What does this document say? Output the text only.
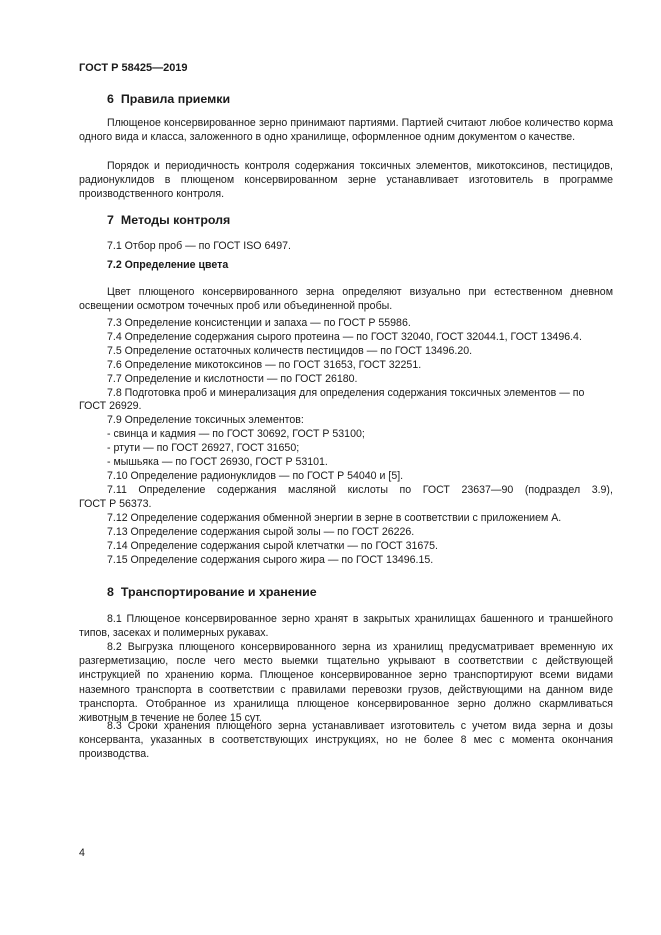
ГОСТ Р 58425—2019
6 Правила приемки
Плющеное консервированное зерно принимают партиями. Партией считают любое количество корма одного вида и класса, заложенного в одно хранилище, оформленное одним документом о качестве.
Порядок и периодичность контроля содержания токсичных элементов, микотоксинов, пестицидов, радионуклидов в плющеном консервированном зерне устанавливает изготовитель в программе производственного контроля.
7 Методы контроля
7.1 Отбор проб — по ГОСТ ISO 6497.
7.2 Определение цвета
Цвет плющеного консервированного зерна определяют визуально при естественном дневном освещении осмотром точечных проб или объединенной пробы.
7.3 Определение консистенции и запаха — по ГОСТ Р 55986.
7.4 Определение содержания сырого протеина — по ГОСТ 32040, ГОСТ 32044.1, ГОСТ 13496.4.
7.5 Определение остаточных количеств пестицидов — по ГОСТ 13496.20.
7.6 Определение микотоксинов — по ГОСТ 31653, ГОСТ 32251.
7.7 Определение и кислотности — по ГОСТ 26180.
7.8 Подготовка проб и минерализация для определения содержания токсичных элементов — по
ГОСТ 26929.
7.9 Определение токсичных элементов:
- свинца и кадмия — по ГОСТ 30692, ГОСТ Р 53100;
- ртути — по ГОСТ 26927, ГОСТ 31650;
- мышьяка — по ГОСТ 26930, ГОСТ Р 53101.
7.10 Определение радионуклидов — по ГОСТ Р 54040 и [5].
7.11 Определение содержания масляной кислоты по ГОСТ 23637—90 (подраздел 3.9),
ГОСТ Р 56373.
7.12 Определение содержания обменной энергии в зерне в соответствии с приложением А.
7.13 Определение содержания сырой золы — по ГОСТ 26226.
7.14 Определение содержания сырой клетчатки — по ГОСТ 31675.
7.15 Определение содержания сырого жира — по ГОСТ 13496.15.
8 Транспортирование и хранение
8.1 Плющеное консервированное зерно хранят в закрытых хранилищах башенного и траншейного типов, засеках и полимерных рукавах.
8.2 Выгрузка плющеного консервированного зерна из хранилищ предусматривает временную их разгерметизацию, после чего место выемки тщательно укрывают в соответствии с действующей инструкцией по хранению корма. Плющеное консервированное зерно транспортируют всеми видами наземного транспорта в соответствии с правилами перевозки грузов, действующими на данном виде транспорта. Отобранное из хранилища плющеное консервированное зерно должно скармливаться животным в течение не более 15 сут.
8.3 Сроки хранения плющеного зерна устанавливает изготовитель с учетом вида зерна и дозы консерванта, указанных в соответствующих инструкциях, но не более 8 мес с момента окончания производства.
4
